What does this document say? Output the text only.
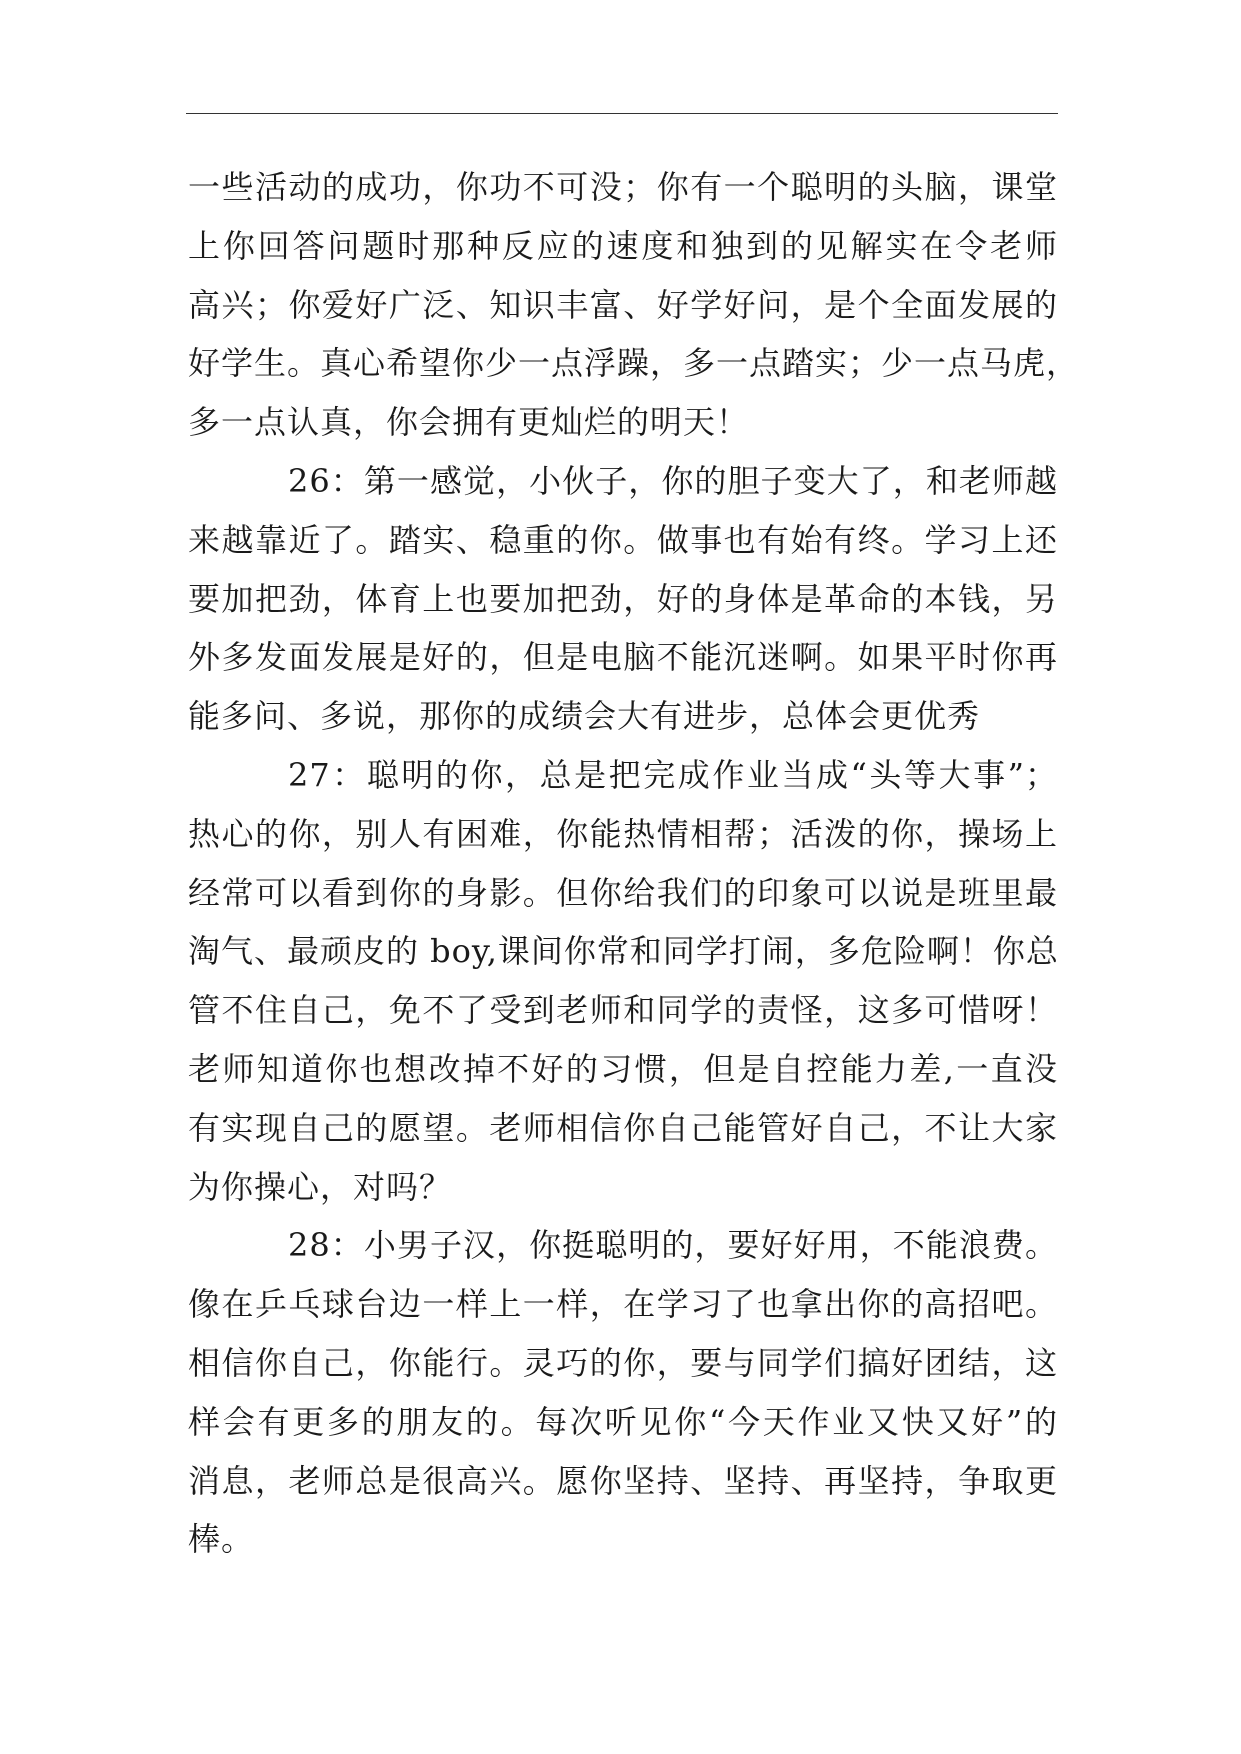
一些活动的成功，你功不可没；你有一个聪明的头脑，课堂
上你回答问题时那种反应的速度和独到的见解实在令老师
高兴；你爱好广泛、知识丰富、好学好问，是个全面发展的
好学生。真心希望你少一点浮躁，多一点踏实；少一点马虎，
多一点认真，你会拥有更灿烂的明天！
26：第一感觉，小伙子，你的胆子变大了，和老师越
来越靠近了。踏实、稳重的你。做事也有始有终。学习上还
要加把劲，体育上也要加把劲，好的身体是革命的本钱，另
外多发面发展是好的，但是电脑不能沉迷啊。如果平时你再
能多问、多说，那你的成绩会大有进步，总体会更优秀
27：聪明的你，总是把完成作业当成“头等大事”；
热心的你，别人有困难，你能热情相帮；活泼的你，操场上
经常可以看到你的身影。但你给我们的印象可以说是班里最
淘气、最顽皮的 boy,课间你常和同学打闹，多危险啊！你总
管不住自己，免不了受到老师和同学的责怪，这多可惜呀！
老师知道你也想改掉不好的习惯，但是自控能力差,一直没
有实现自己的愿望。老师相信你自己能管好自己，不让大家
为你操心，对吗？
28：小男子汉，你挺聪明的，要好好用，不能浪费。
像在乒乓球台边一样上一样，在学习了也拿出你的高招吧。
相信你自己，你能行。灵巧的你，要与同学们搞好团结，这
样会有更多的朋友的。每次听见你“今天作业又快又好”的
消息，老师总是很高兴。愿你坚持、坚持、再坚持，争取更
棒。
